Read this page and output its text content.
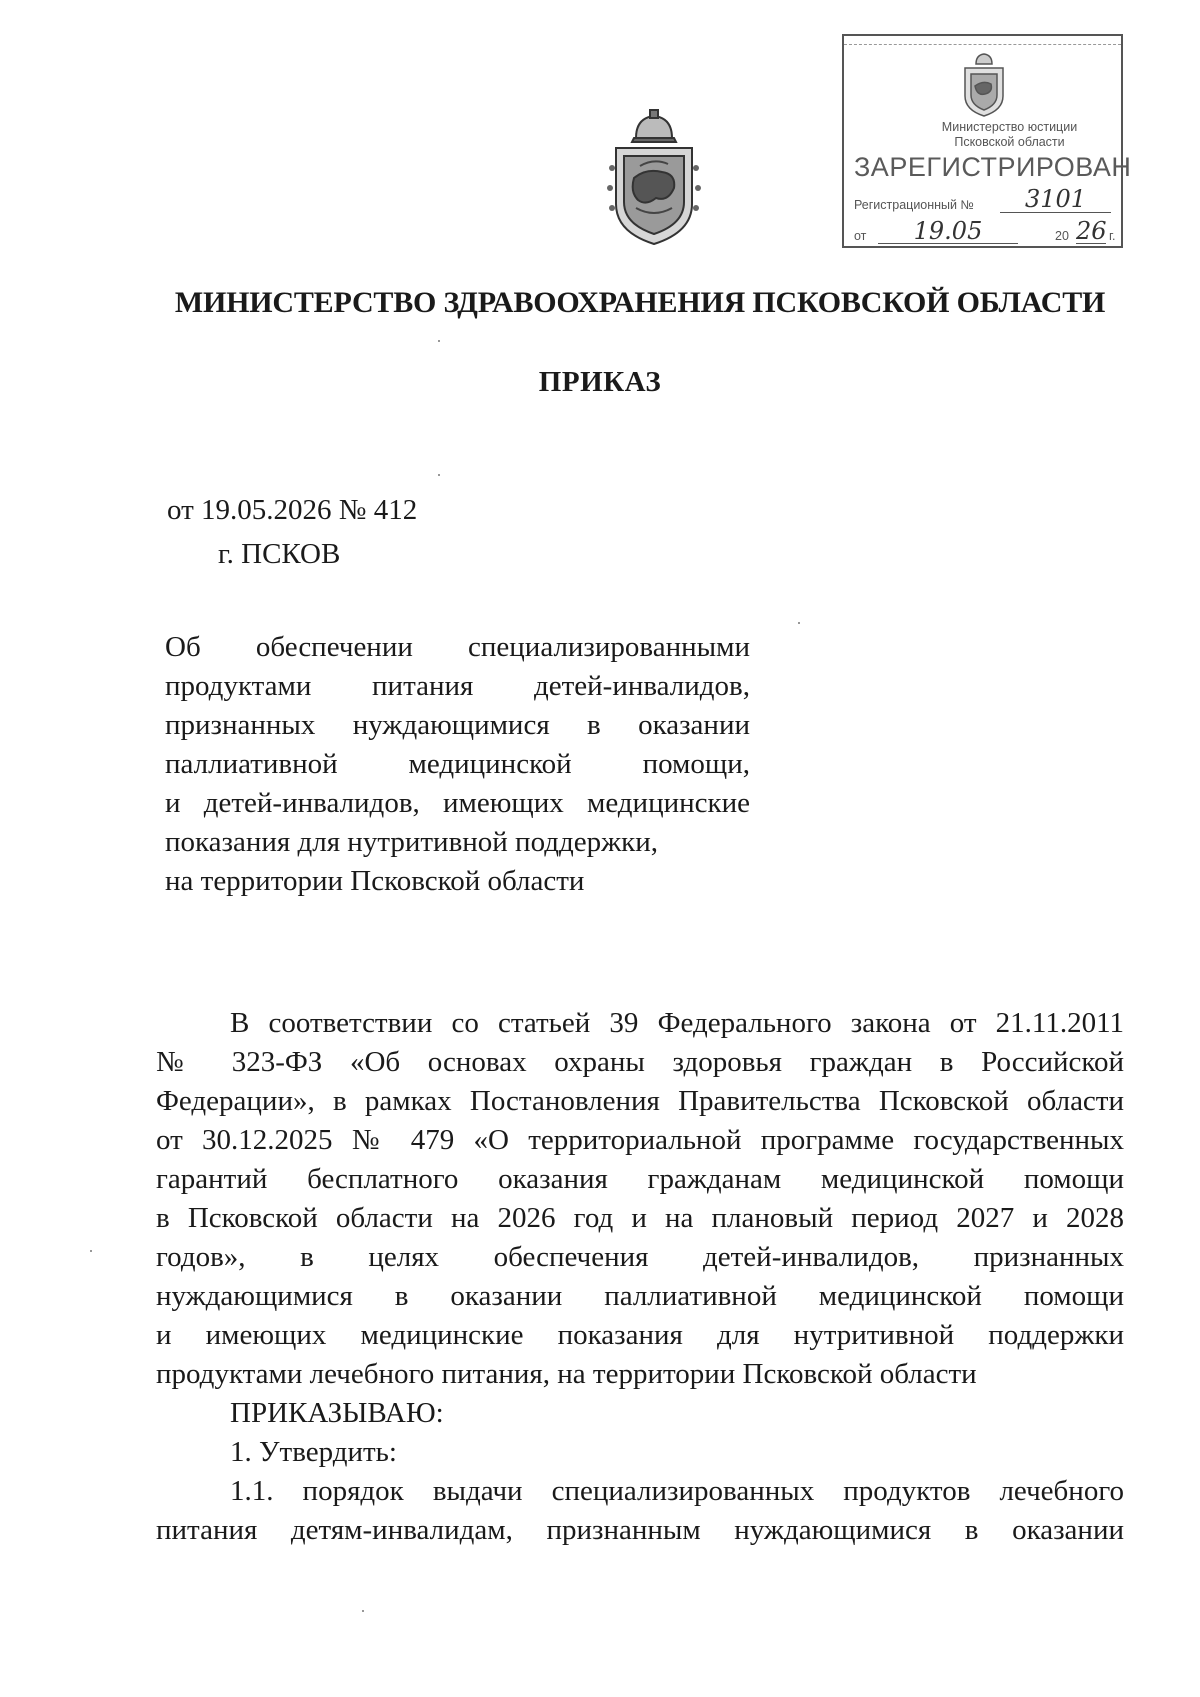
Министерство юстиции
Псковской области
ЗАРЕГИСТРИРОВАН
Регистрационный №	3101
от	19.05	20 26 г.
МИНИСТЕРСТВО ЗДРАВООХРАНЕНИЯ ПСКОВСКОЙ ОБЛАСТИ
ПРИКАЗ
от 19.05.2026 № 412
г. ПСКОВ
Об обеспечении специализированными
продуктами питания детей-инвалидов,
признанных нуждающимися в оказании
паллиативной медицинской помощи,
и детей-инвалидов, имеющих медицинские
показания для нутритивной поддержки,
на территории Псковской области
В соответствии со статьей 39 Федерального закона от 21.11.2011
№ 323-ФЗ «Об основах охраны здоровья граждан в Российской
Федерации», в рамках Постановления Правительства Псковской области
от 30.12.2025 № 479 «О территориальной программе государственных
гарантий бесплатного оказания гражданам медицинской помощи
в Псковской области на 2026 год и на плановый период 2027 и 2028
годов», в целях обеспечения детей-инвалидов, признанных
нуждающимися в оказании паллиативной медицинской помощи
и имеющих медицинские показания для нутритивной поддержки
продуктами лечебного питания, на территории Псковской области
ПРИКАЗЫВАЮ:
1. Утвердить:
1.1. порядок выдачи специализированных продуктов лечебного
питания детям-инвалидам, признанным нуждающимися в оказании
